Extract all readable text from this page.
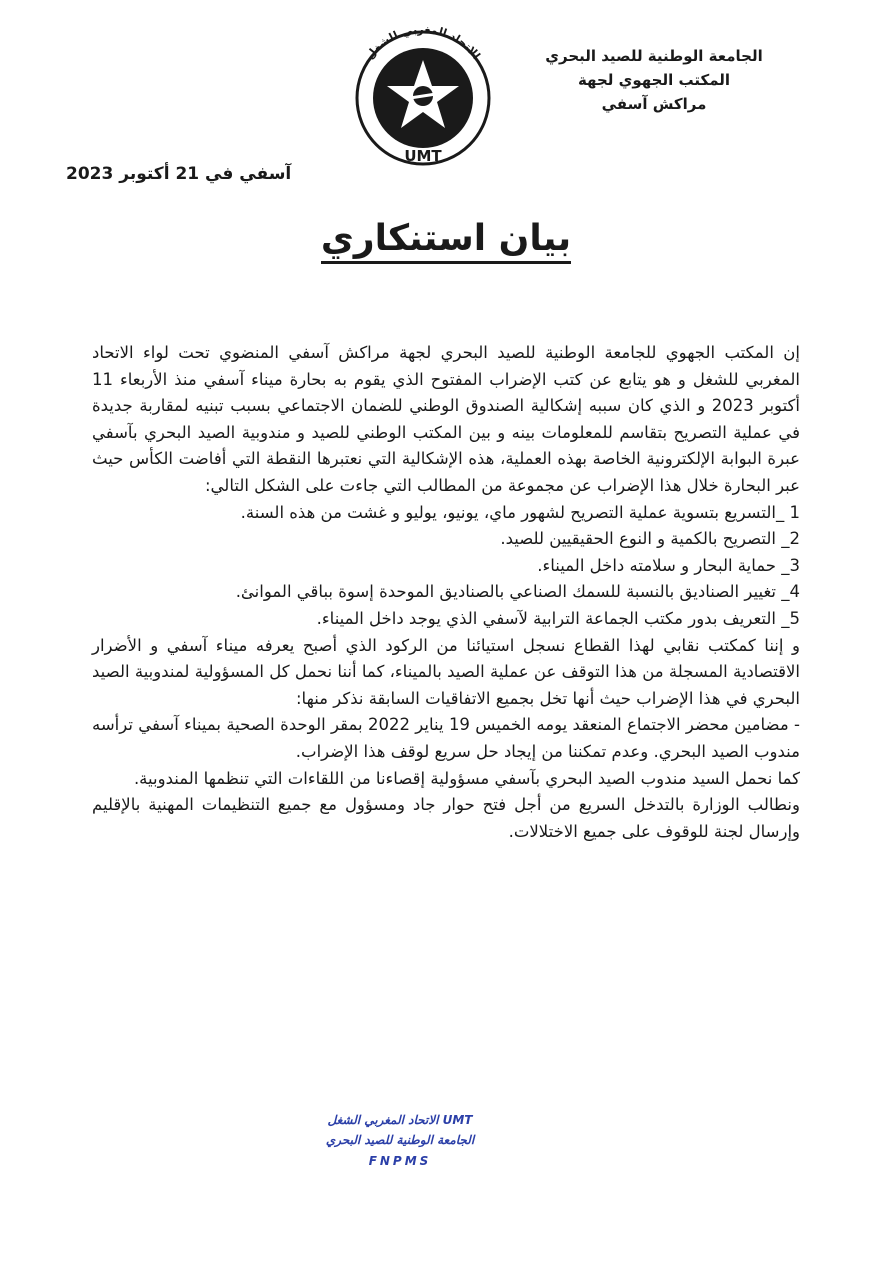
الجامعة الوطنية للصيد البحري
المكتب الجهوي لجهة
مراكش آسفي
الاتحاد المغربي للشغل
UMT
آسفي في 21 أكتوبر 2023
بيان استنكاري

إن المكتب الجهوي للجامعة الوطنية للصيد البحري لجهة مراكش آسفي المنضوي تحت لواء الاتحاد المغربي للشغل و هو يتابع عن كتب الإضراب المفتوح الذي يقوم به بحارة ميناء آسفي منذ الأربعاء 11 أكتوبر 2023 و الذي كان سببه إشكالية الصندوق الوطني للضمان الاجتماعي بسبب تبنيه لمقاربة جديدة في عملية التصريح بتقاسم للمعلومات بينه و بين المكتب الوطني للصيد و مندوبية الصيد البحري بآسفي عبرة البوابة الإلكترونية الخاصة بهذه العملية، هذه الإشكالية التي نعتبرها النقطة التي أفاضت الكأس حيث عبر البحارة خلال هذا الإضراب عن مجموعة من المطالب التي جاءت على الشكل التالي:

1 _التسريع بتسوية عملية التصريح لشهور ماي، يونيو، يوليو و غشت من هذه السنة.

2_ التصريح بالكمية و النوع الحقيقيين للصيد.

3_ حماية البحار و سلامته داخل الميناء.

4_ تغيير الصناديق بالنسبة للسمك الصناعي بالصناديق الموحدة إسوة بباقي الموانئ.

5_ التعريف بدور مكتب الجماعة الترابية لآسفي الذي يوجد داخل الميناء.

و إننا كمكتب نقابي لهذا القطاع نسجل استيائنا من الركود الذي أصبح يعرفه ميناء آسفي و الأضرار الاقتصادية المسجلة من هذا التوقف عن عملية الصيد بالميناء، كما أننا نحمل كل المسؤولية لمندوبية الصيد البحري في هذا الإضراب حيث أنها تخل بجميع الاتفاقيات السابقة نذكر منها:

- مضامين محضر الاجتماع المنعقد يومه الخميس 19 يناير 2022 بمقر الوحدة الصحية بميناء آسفي ترأسه مندوب الصيد البحري. وعدم تمكننا من إيجاد حل سريع لوقف هذا الإضراب.

كما نحمل السيد مندوب الصيد البحري بآسفي مسؤولية إقصاءنا من اللقاءات التي تنظمها المندوبية.

ونطالب الوزارة بالتدخل السريع من أجل فتح حوار جاد ومسؤول مع جميع التنظيمات المهنية بالإقليم وإرسال لجنة للوقوف على جميع الاختلالات.

UMT الاتحاد المغربي الشغل
الجامعة الوطنية للصيد البحري
FNPMS
